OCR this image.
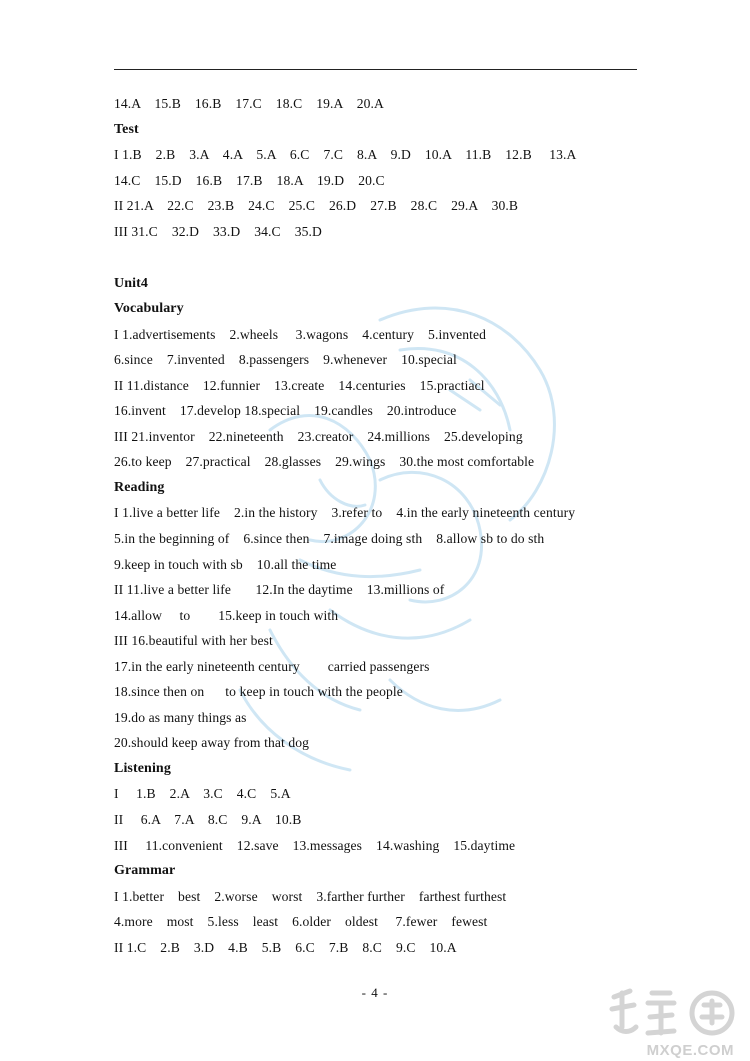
14.A    15.B    16.B    17.C    18.C    19.A    20.A
Test
I 1.B    2.B    3.A    4.A    5.A    6.C    7.C    8.A    9.D    10.A    11.B    12.B     13.A
14.C    15.D    16.B    17.B    18.A    19.D    20.C
II 21.A    22.C    23.B    24.C    25.C    26.D    27.B    28.C    29.A    30.B
III 31.C    32.D    33.D    34.C    35.D
Unit4
Vocabulary
I 1.advertisements    2.wheels     3.wagons    4.century    5.invented
6.since    7.invented    8.passengers    9.whenever    10.special
II 11.distance    12.funnier    13.create    14.centuries    15.practiacl
16.invent    17.develop 18.special    19.candles    20.introduce
III 21.inventor    22.nineteenth    23.creator    24.millions    25.developing
26.to keep    27.practical    28.glasses    29.wings    30.the most comfortable
Reading
I 1.live a better life    2.in the history    3.refer to    4.in the early nineteenth century
5.in the beginning of    6.since then    7.image doing sth    8.allow sb to do sth
9.keep in touch with sb    10.all the time
II 11.live a better life       12.In the daytime    13.millions of
14.allow     to        15.keep in touch with
III 16.beautiful with her best
17.in the early nineteenth century        carried passengers
18.since then on      to keep in touch with the people
19.do as many things as
20.should keep away from that dog
Listening
I     1.B    2.A    3.C    4.C    5.A
II     6.A    7.A    8.C    9.A    10.B
III     11.convenient    12.save    13.messages    14.washing    15.daytime
Grammar
I 1.better    best    2.worse    worst    3.farther further    farthest furthest
4.more    most    5.less    least    6.older    oldest     7.fewer    fewest
II 1.C    2.B    3.D    4.B    5.B    6.C    7.B    8.C    9.C    10.A
- 4 -
MXQE.COM
